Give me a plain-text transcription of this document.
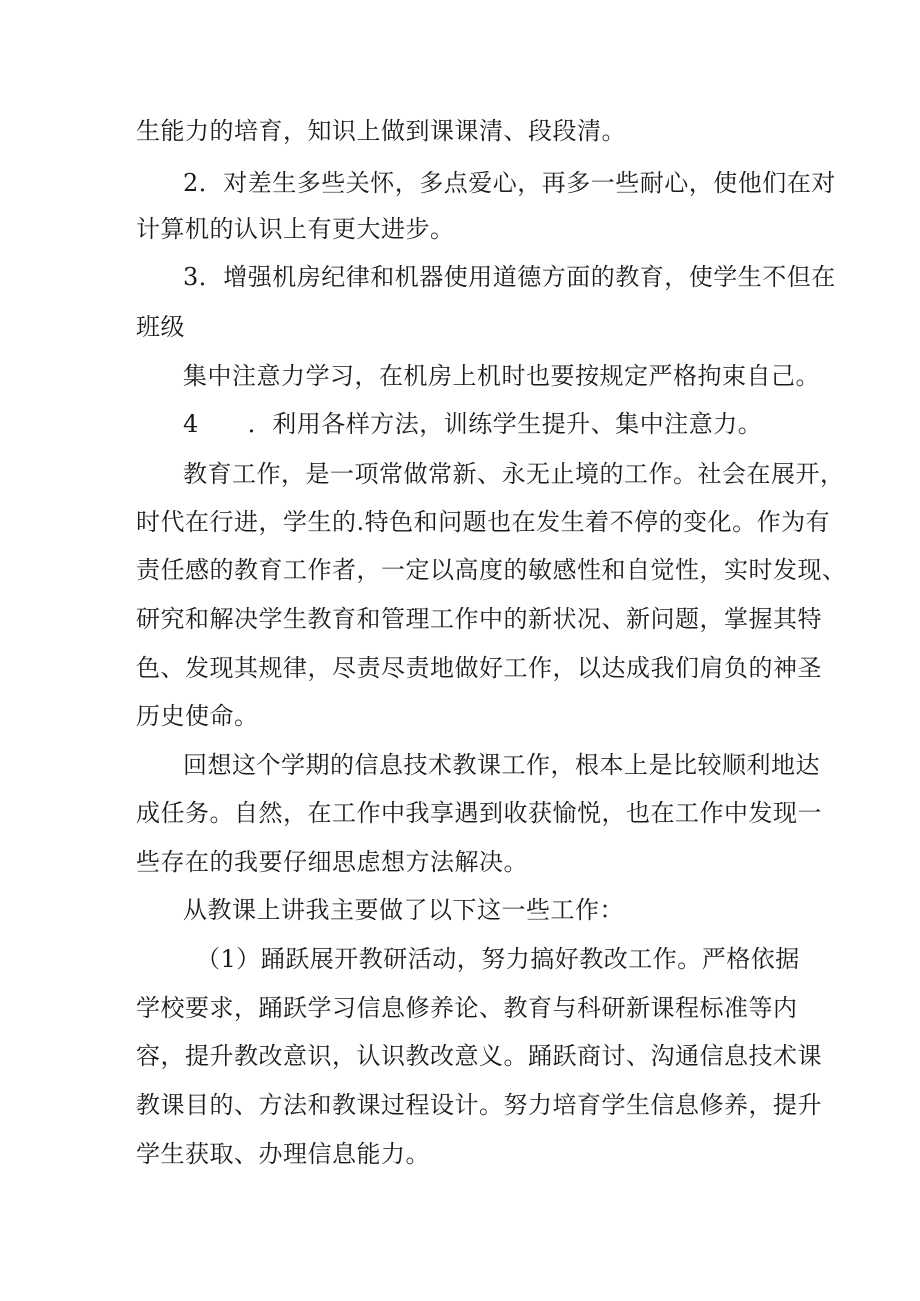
生能力的培育，知识上做到课课清、段段清。
2．对差生多些关怀，多点爱心，再多一些耐心，使他们在对
计算机的认识上有更大进步。
3．增强机房纪律和机器使用道德方面的教育，使学生不但在
班级
集中注意力学习，在机房上机时也要按规定严格拘束自己。
4　　．利用各样方法，训练学生提升、集中注意力。
教育工作，是一项常做常新、永无止境的工作。社会在展开，
时代在行进，学生的.特色和问题也在发生着不停的变化。作为有
责任感的教育工作者，一定以高度的敏感性和自觉性，实时发现、
研究和解决学生教育和管理工作中的新状况、新问题，掌握其特
色、发现其规律，尽责尽责地做好工作，以达成我们肩负的神圣
历史使命。
回想这个学期的信息技术教课工作，根本上是比较顺利地达
成任务。自然，在工作中我享遇到收获愉悦，也在工作中发现一
些存在的我要仔细思虑想方法解决。
从教课上讲我主要做了以下这一些工作：
（1）踊跃展开教研活动，努力搞好教改工作。严格依据
学校要求，踊跃学习信息修养论、教育与科研新课程标准等内
容，提升教改意识，认识教改意义。踊跃商讨、沟通信息技术课
教课目的、方法和教课过程设计。努力培育学生信息修养，提升
学生获取、办理信息能力。
